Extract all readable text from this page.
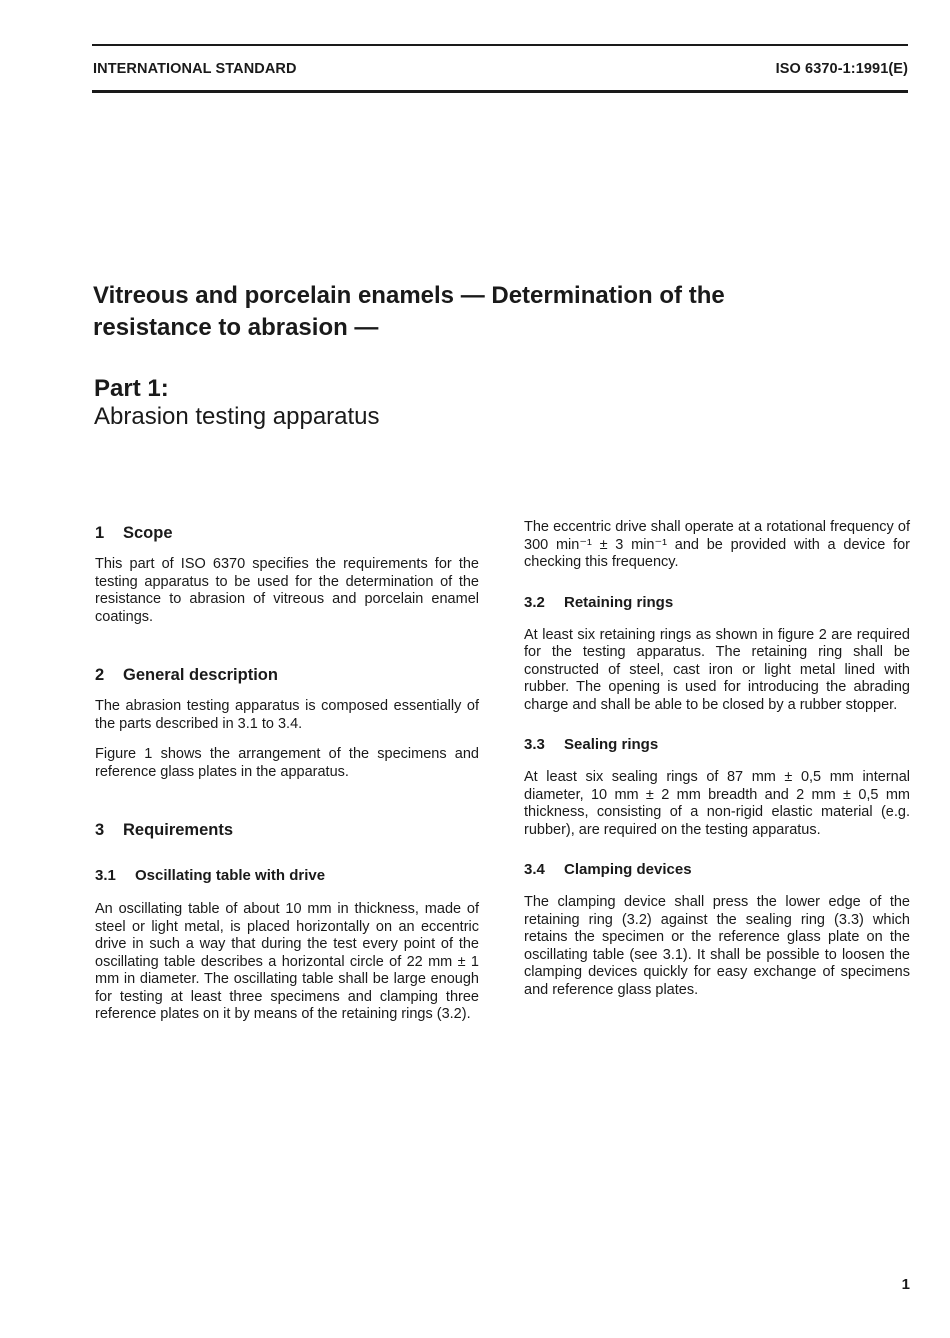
INTERNATIONAL STANDARD	ISO 6370-1:1991(E)
Vitreous and porcelain enamels — Determination of the
resistance to abrasion —
Part 1:
Abrasion testing apparatus
1 Scope

This part of ISO 6370 specifies the requirements for the testing apparatus to be used for the determination of the resistance to abrasion of vitreous and porcelain enamel coatings.

2 General description

The abrasion testing apparatus is composed essentially of the parts described in 3.1 to 3.4.

Figure 1 shows the arrangement of the specimens and reference glass plates in the apparatus.

3 Requirements
3.1 Oscillating table with drive

An oscillating table of about 10 mm in thickness, made of steel or light metal, is placed horizontally on an eccentric drive in such a way that during the test every point of the oscillating table describes a horizontal circle of 22 mm ± 1 mm in diameter. The oscillating table shall be large enough for testing at least three specimens and clamping three reference plates on it by means of the retaining rings (3.2).

The eccentric drive shall operate at a rotational frequency of 300 min⁻¹ ± 3 min⁻¹ and be provided with a device for checking this frequency.

3.2 Retaining rings

At least six retaining rings as shown in figure 2 are required for the testing apparatus. The retaining ring shall be constructed of steel, cast iron or light metal lined with rubber. The opening is used for introducing the abrading charge and shall be able to be closed by a rubber stopper.

3.3 Sealing rings

At least six sealing rings of 87 mm ± 0,5 mm internal diameter, 10 mm ± 2 mm breadth and 2 mm ± 0,5 mm thickness, consisting of a non-rigid elastic material (e.g. rubber), are required on the testing apparatus.

3.4 Clamping devices

The clamping device shall press the lower edge of the retaining ring (3.2) against the sealing ring (3.3) which retains the specimen or the reference glass plate on the oscillating table (see 3.1). It shall be possible to loosen the clamping devices quickly for easy exchange of specimens and reference glass plates.

1
